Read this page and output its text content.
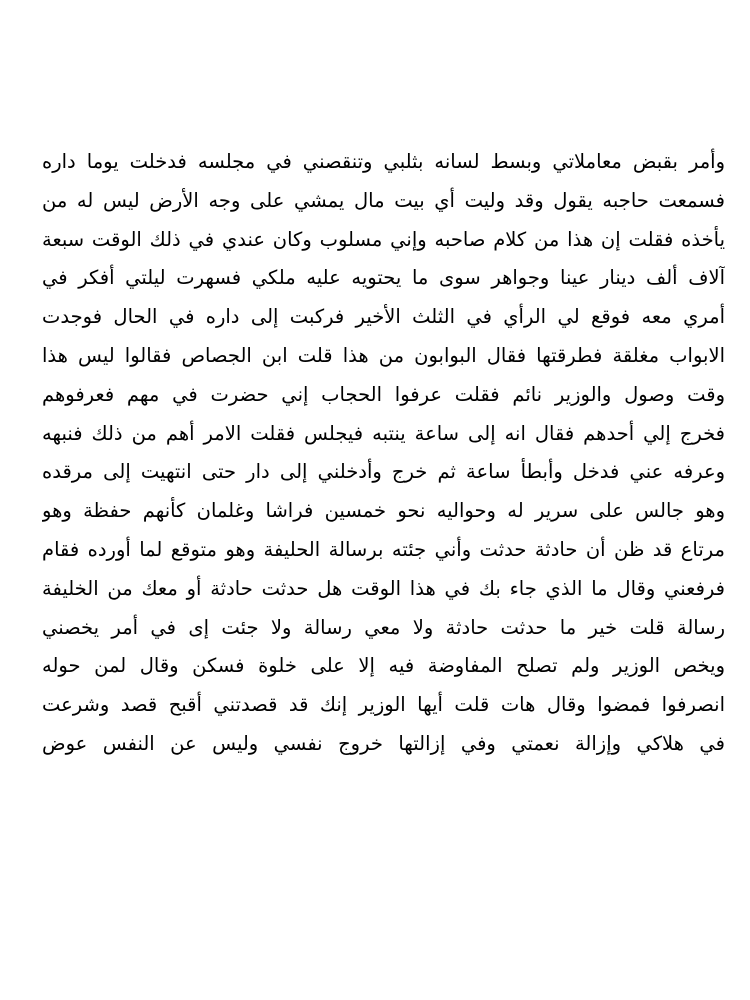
وأمر بقبض معاملاتي وبسط لسانه بثلبي وتنقصني في مجلسه فدخلت يوما داره
فسمعت حاجبه يقول وقد وليت أي بيت مال يمشي على وجه الأرض ليس له من
يأخذه فقلت إن هذا من كلام صاحبه وإني مسلوب وكان عندي في ذلك الوقت سبعة
آلاف ألف دينار عينا وجواهر سوى ما يحتويه عليه ملكي فسهرت ليلتي أفكر في
أمري معه فوقع لي الرأي في الثلث الأخير فركبت إلى داره في الحال فوجدت
الابواب مغلقة فطرقتها فقال البوابون من هذا قلت ابن الجصاص فقالوا ليس هذا
وقت وصول والوزير نائم فقلت عرفوا الحجاب إني حضرت في مهم فعرفوهم
فخرج إلي أحدهم فقال انه إلى ساعة ينتبه فيجلس فقلت الامر أهم من ذلك فنبهه
وعرفه عني فدخل وأبطأ ساعة ثم خرج وأدخلني إلى دار حتى انتهيت إلى مرقده
وهو جالس على سرير له وحواليه نحو خمسين فراشا وغلمان كأنهم حفظة وهو
مرتاع قد ظن أن حادثة حدثت وأني جئته برسالة الحليفة وهو متوقع لما أورده فقام
فرفعني وقال ما الذي جاء بك في هذا الوقت هل حدثت حادثة أو معك من الخليفة
رسالة قلت خير ما حدثت حادثة ولا معي رسالة ولا جئت إى في أمر يخصني
ويخص الوزير ولم تصلح المفاوضة فيه إلا على خلوة فسكن وقال لمن حوله
انصرفوا فمضوا وقال هات قلت أيها الوزير إنك قد قصدتني أقبح قصد وشرعت
في هلاكي وإزالة نعمتي وفي إزالتها خروج نفسي وليس عن النفس عوض
